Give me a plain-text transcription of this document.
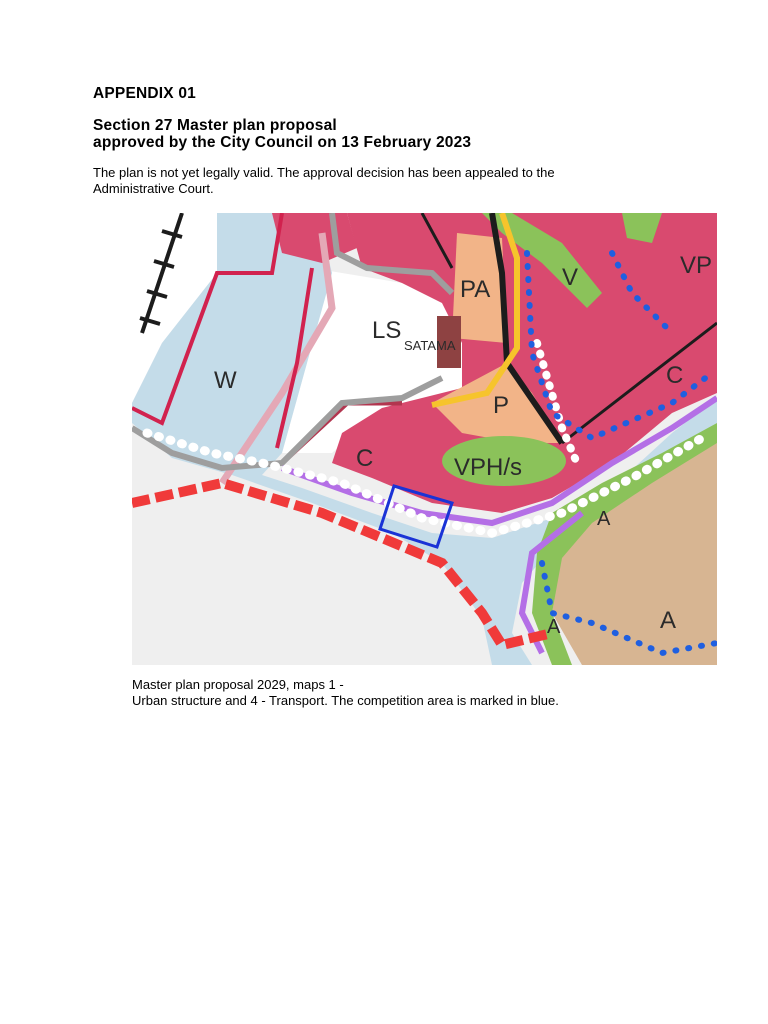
APPENDIX 01
Section 27 Master plan proposal
approved by the City Council on 13 February 2023
The plan is not yet legally valid. The approval decision has been appealed to the Administrative Court.
W
LS
SATAMA
PA
P
C
C
VPH/s
V	VP
A
A
A
Master plan proposal 2029, maps 1 -
Urban structure and 4 - Transport. The competition area is marked in blue.
